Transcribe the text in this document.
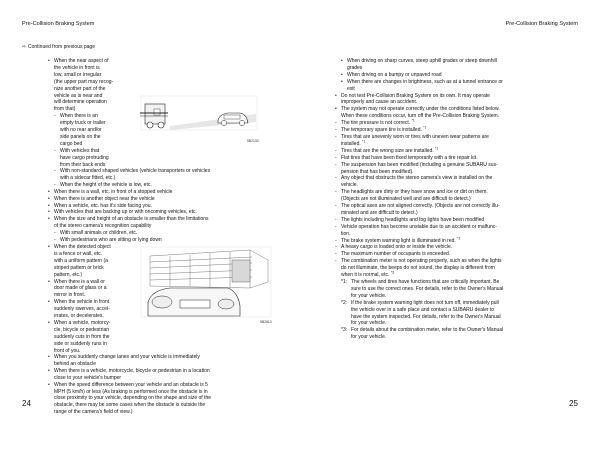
Pre-Collision Braking System	Pre-Collision Braking System
⇨ Continued from previous page

• When the near aspect of

the vehicle in front is

low, small or irregular

(the upper part may recog-

nize another part of the

vehicle as is near and

will determine operation

from that)

- When there is an

empty truck or trailer

with no rear and/or

side panels on the

cargo bed

- With vehicles that

have cargo protruding

from their back ends

5B2133

- With non-standard shaped vehicles (vehicle transporters or vehicles

with a sidecar fitted, etc.)

- When the height of the vehicle is low, etc.

• When there is a wall, etc. in front of a stopped vehicle

• When there is another object near the vehicle

• When a vehicle, etc. has it's side facing you.

• With vehicles that are backing up or with oncoming vehicles, etc.

• When the size and height of an obstacle is smaller than the limitations

of the stereo camera's recognition capability

- With small animals or children, etc.

- With pedestrians who are sitting or lying down

• When the detected object

is a fence or wall, etc.

with a uniform pattern (a

striped pattern or brick

pattern, etc.)

• When there is a wall or

door made of glass or a

mirror in front.

• When the vehicle in front

suddenly swerves, accel-

erates, or decelerates.

• When a vehicle, motorcy-

cle, bicycle or pedestrian

suddenly cuts in from the

side or suddenly runs in

front of you.

5B2813

• When you suddenly change lanes and your vehicle is immediately

behind an obstacle

• When there is a vehicle, motorcycle, bicycle or pedestrian in a location

close to your vehicle's bumper

• When the speed difference between your vehicle and an obstacle is 5

MPH (5 km/h) or less (As braking is performed once the obstacle is in

close proximity to your vehicle, depending on the shape and size of the

obstacle, there may be some cases when the obstacle is outside the

range of the camera's field of view.)

• When driving on sharp curves, steep uphill grades or steep downhill

grades

• When driving on a bumpy or unpaved road

• When there are changes in brightness, such as at a tunnel entrance or

exit

• Do not test Pre-Collision Braking System on its own. It may operate

improperly and cause an accident.

• The system may not operate correctly under the conditions listed below.

When these conditions occur, turn off the Pre-Collision Braking System.

- The tire pressure is not correct. $^{*1}$

- The temporary spare tire is installed. $^{*1}$

- Tires that are unevenly worn or tires with uneven wear patterns are

installed. $^{*1}$

- Tires that are the wrong size are installed. $^{*1}$

- Flat tires that have been fixed temporarily with a tire repair kit.

- The suspension has been modified (including a genuine SUBARU sus-

pension that has been modified).

- Any object that obstructs the stereo camera's view is installed on the

vehicle.

- The headlights are dirty or they have snow and ice or dirt on them.

(Objects are not illuminated well and are difficult to detect.)

- The optical axes are not aligned correctly. (Objects are not correctly illu-

minated and are difficult to detect.)

- The lights including headlights and fog lights have been modified

- Vehicle operation has become unstable due to an accident or malfunc-

tion.

- The brake system warning light is illuminated in red. $^{*2}$

- A heavy cargo is loaded onto or inside the vehicle.

- The maximum number of occupants is exceeded.

- The combination meter is not operating properly, such as when the lights

do not illuminate, the beeps do not sound, the display is different from

when it is normal, etc. $^{*3}$

*1: The wheels and tires have functions that are critically important. Be

sure to use the correct ones. For details, refer to the Owner's Manual

for your vehicle.

*2: If the brake system warning light does not turn off, immediately pull

the vehicle over in a safe place and contact a SUBARU dealer to

have the system inspected. For details, refer to the Owner's Manual

for your vehicle.

*3: For details about the combination meter, refer to the Owner's Manual

for your vehicle.

24	25
